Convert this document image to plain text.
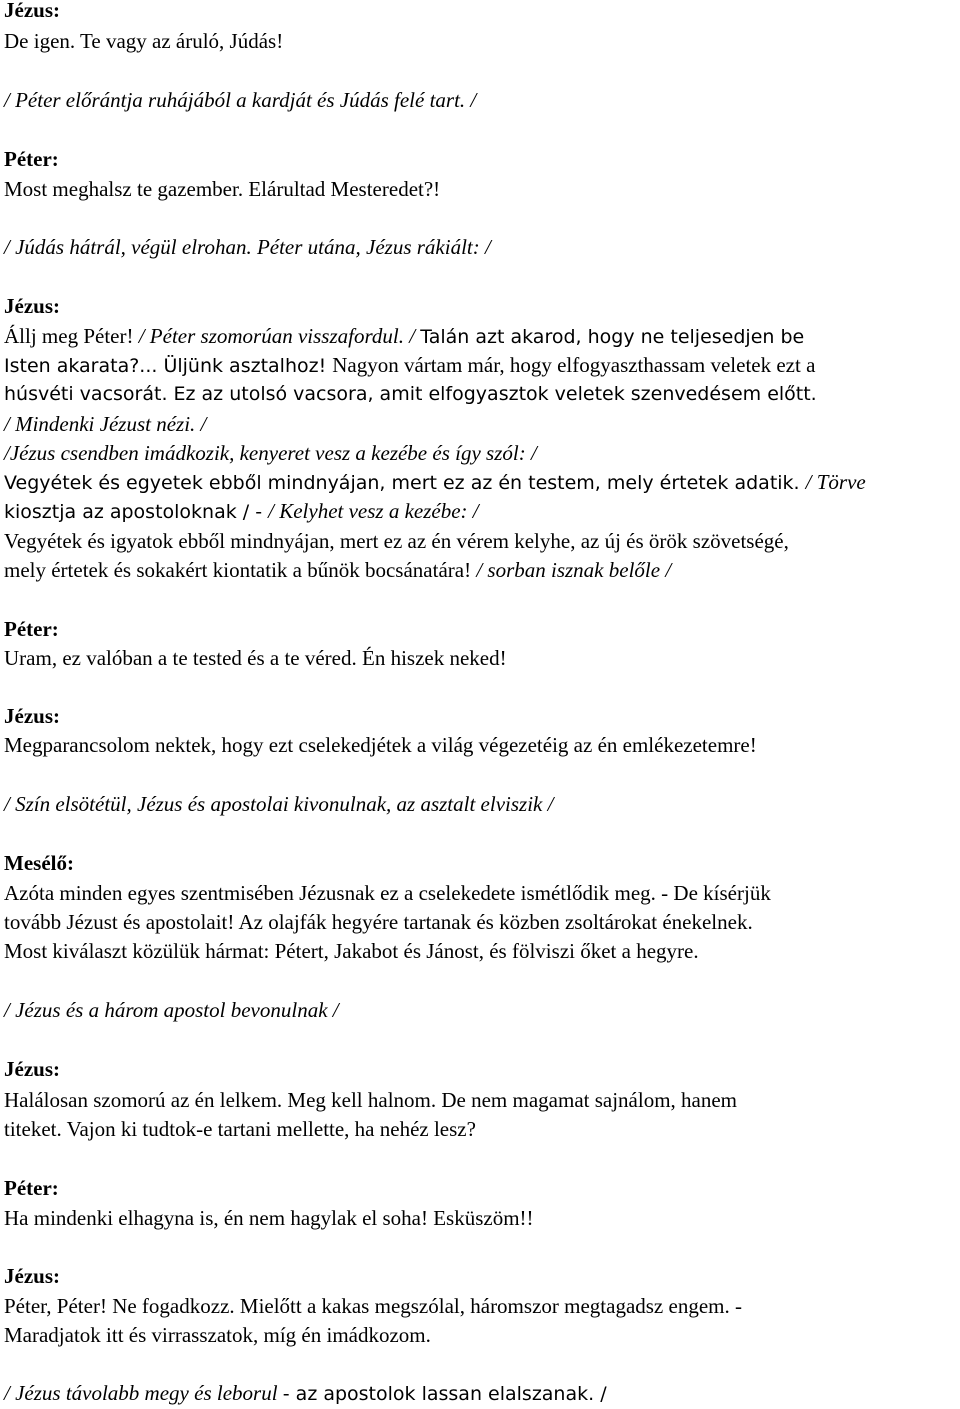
Jézus:
De igen. Te vagy az áruló, Júdás!
/ Péter előrántja ruhájából a kardját és Júdás felé tart. /
Péter:
Most meghalsz te gazember. Elárultad Mesteredet?!
/ Júdás hátrál, végül elrohan. Péter utána, Jézus rákiált: /
Jézus:
Állj meg Péter! / Péter szomorúan visszafordul. / Talán azt akarod, hogy ne teljesedjen be
Isten akarata?... Üljünk asztalhoz! Nagyon vártam már, hogy elfogyaszthassam veletek ezt a
húsvéti vacsorát. Ez az utolsó vacsora, amit elfogyasztok veletek szenvedésem előtt.
/ Mindenki Jézust nézi. /
/Jézus csendben imádkozik, kenyeret vesz a kezébe és így szól: /
Vegyétek és egyetek ebből mindnyájan, mert ez az én testem, mely értetek adatik. / Törve
kiosztja az apostoloknak / - / Kelyhet vesz a kezébe: /
Vegyétek és igyatok ebből mindnyájan, mert ez az én vérem kelyhe, az új és örök szövetségé,
mely értetek és sokakért kiontatik a bűnök bocsánatára! / sorban isznak belőle /
Péter:
Uram, ez valóban a te tested és a te véred. Én hiszek neked!
Jézus:
Megparancsolom nektek, hogy ezt cselekedjétek a világ végezetéig az én emlékezetemre!
/ Szín elsötétül, Jézus és apostolai kivonulnak, az asztalt elviszik /
Mesélő:
Azóta minden egyes szentmisében Jézusnak ez a cselekedete ismétlődik meg. - De kísérjük
tovább Jézust és apostolait! Az olajfák hegyére tartanak és közben zsoltárokat énekelnek.
Most kiválaszt közülük hármat: Pétert, Jakabot és Jánost, és fölviszi őket a hegyre.
/ Jézus és a három apostol bevonulnak /
Jézus:
Halálosan szomorú az én lelkem. Meg kell halnom. De nem magamat sajnálom, hanem
titeket. Vajon ki tudtok-e tartani mellette, ha nehéz lesz?
Péter:
Ha mindenki elhagyna is, én nem hagylak el soha! Esküszöm!!
Jézus:
Péter, Péter! Ne fogadkozz. Mielőtt a kakas megszólal, háromszor megtagadsz engem. -
Maradjatok itt és virrasszatok, míg én imádkozom.
/ Jézus távolabb megy és leborul - az apostolok lassan elalszanak. /
